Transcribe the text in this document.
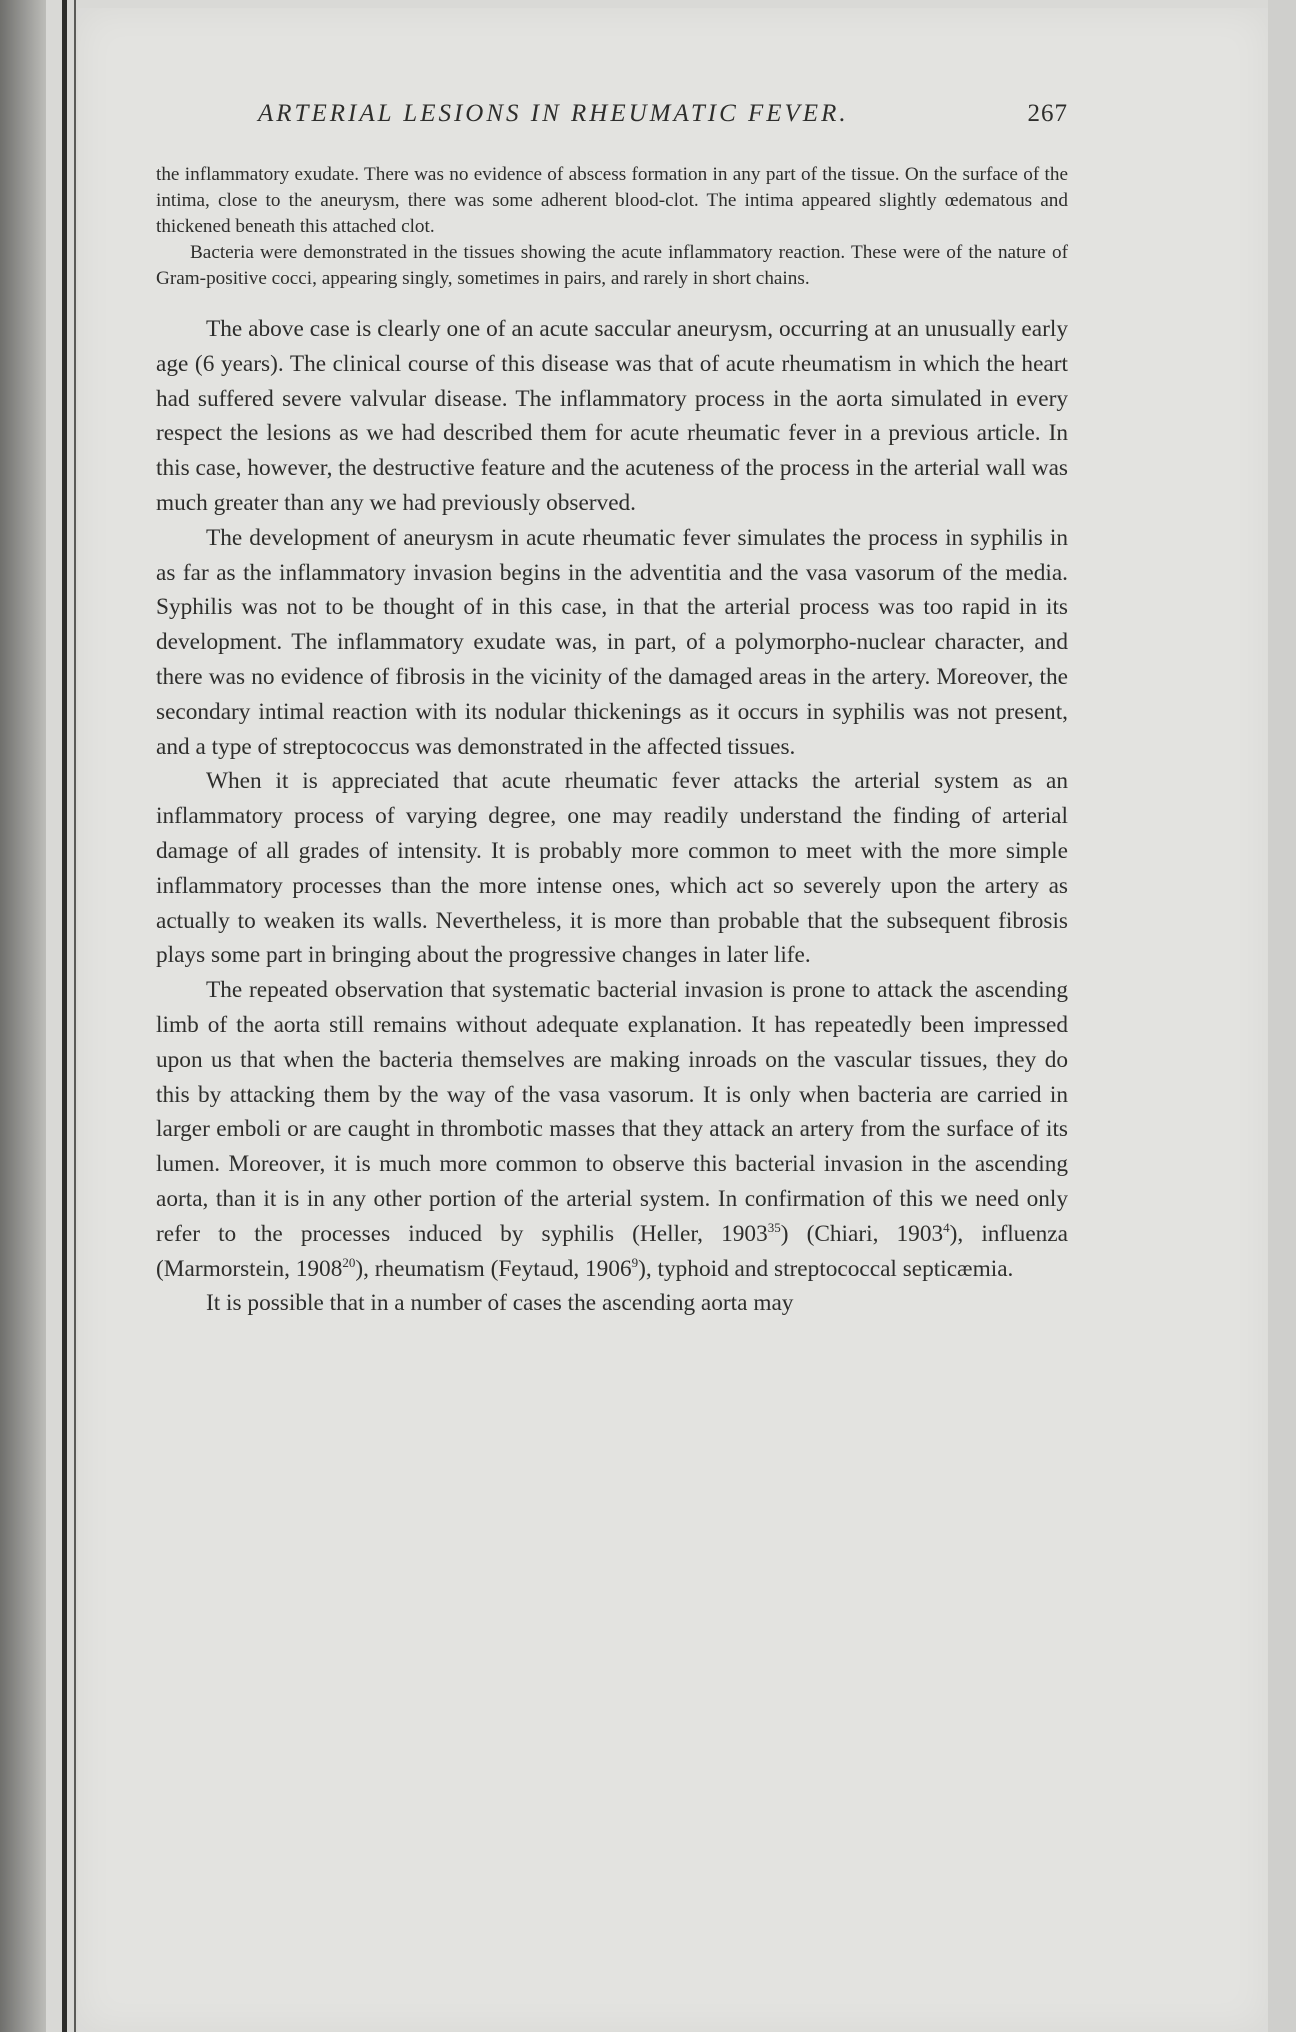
ARTERIAL LESIONS IN RHEUMATIC FEVER.	267

the inflammatory exudate. There was no evidence of abscess formation in any part of the tissue. On the surface of the intima, close to the aneurysm, there was some adherent blood-clot. The intima appeared slightly œdematous and thickened beneath this attached clot.

Bacteria were demonstrated in the tissues showing the acute inflammatory reaction. These were of the nature of Gram-positive cocci, appearing singly, sometimes in pairs, and rarely in short chains.

The above case is clearly one of an acute saccular aneurysm, occurring at an unusually early age (6 years). The clinical course of this disease was that of acute rheumatism in which the heart had suffered severe valvular disease. The inflammatory process in the aorta simulated in every respect the lesions as we had described them for acute rheumatic fever in a previous article. In this case, however, the destructive feature and the acuteness of the process in the arterial wall was much greater than any we had previously observed.

The development of aneurysm in acute rheumatic fever simulates the process in syphilis in as far as the inflammatory invasion begins in the adventitia and the vasa vasorum of the media. Syphilis was not to be thought of in this case, in that the arterial process was too rapid in its development. The inflammatory exudate was, in part, of a polymorpho-nuclear character, and there was no evidence of fibrosis in the vicinity of the damaged areas in the artery. Moreover, the secondary intimal reaction with its nodular thickenings as it occurs in syphilis was not present, and a type of streptococcus was demonstrated in the affected tissues.

When it is appreciated that acute rheumatic fever attacks the arterial system as an inflammatory process of varying degree, one may readily understand the finding of arterial damage of all grades of intensity. It is probably more common to meet with the more simple inflammatory processes than the more intense ones, which act so severely upon the artery as actually to weaken its walls. Nevertheless, it is more than probable that the subsequent fibrosis plays some part in bringing about the progressive changes in later life.

The repeated observation that systematic bacterial invasion is prone to attack the ascending limb of the aorta still remains without adequate explanation. It has repeatedly been impressed upon us that when the bacteria themselves are making inroads on the vascular tissues, they do this by attacking them by the way of the vasa vasorum. It is only when bacteria are carried in larger emboli or are caught in thrombotic masses that they attack an artery from the surface of its lumen. Moreover, it is much more common to observe this bacterial invasion in the ascending aorta, than it is in any other portion of the arterial system. In confirmation of this we need only refer to the processes induced by syphilis (Heller, 1903$^{35}$) (Chiari, 1903$^4$), influenza (Marmorstein, 1908$^{20}$), rheumatism (Feytaud, 1906$^9$), typhoid and streptococcal septicæmia.

It is possible that in a number of cases the ascending aorta may
